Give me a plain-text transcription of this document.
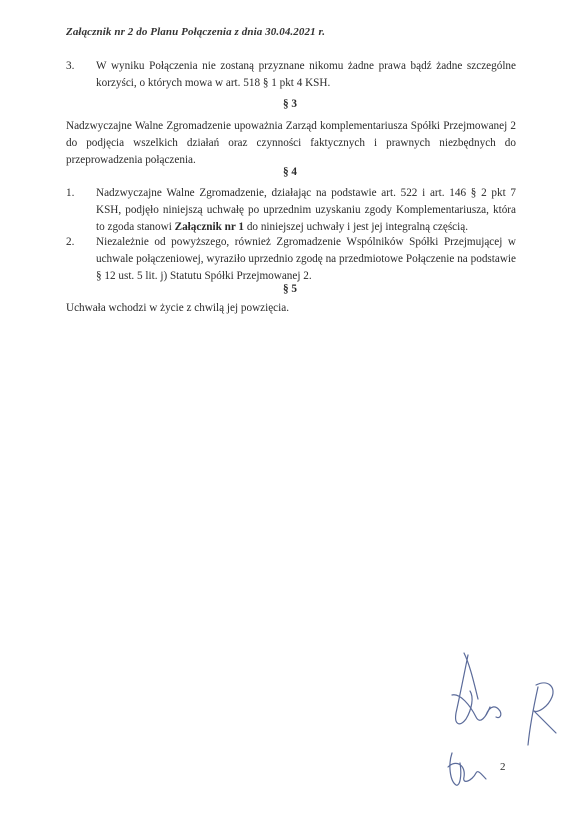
Załącznik nr 2 do Planu Połączenia z dnia 30.04.2021 r.
3. W wyniku Połączenia nie zostaną przyznane nikomu żadne prawa bądź żadne szczególne korzyści, o których mowa w art. 518 § 1 pkt 4 KSH.
§ 3
Nadzwyczajne Walne Zgromadzenie upoważnia Zarząd komplementariusza Spółki Przejmowanej 2 do podjęcia wszelkich działań oraz czynności faktycznych i prawnych niezbędnych do przeprowadzenia połączenia.
§ 4
1. Nadzwyczajne Walne Zgromadzenie, działając na podstawie art. 522 i art. 146 § 2 pkt 7 KSH, podjęło niniejszą uchwałę po uprzednim uzyskaniu zgody Komplementariusza, która to zgoda stanowi Załącznik nr 1 do niniejszej uchwały i jest jej integralną częścią.
2. Niezależnie od powyższego, również Zgromadzenie Wspólników Spółki Przejmującej w uchwale połączeniowej, wyraziło uprzednio zgodę na przedmiotowe Połączenie na podstawie § 12 ust. 5 lit. j) Statutu Spółki Przejmowanej 2.
§ 5
Uchwała wchodzi w życie z chwilą jej powzięcia.
2
